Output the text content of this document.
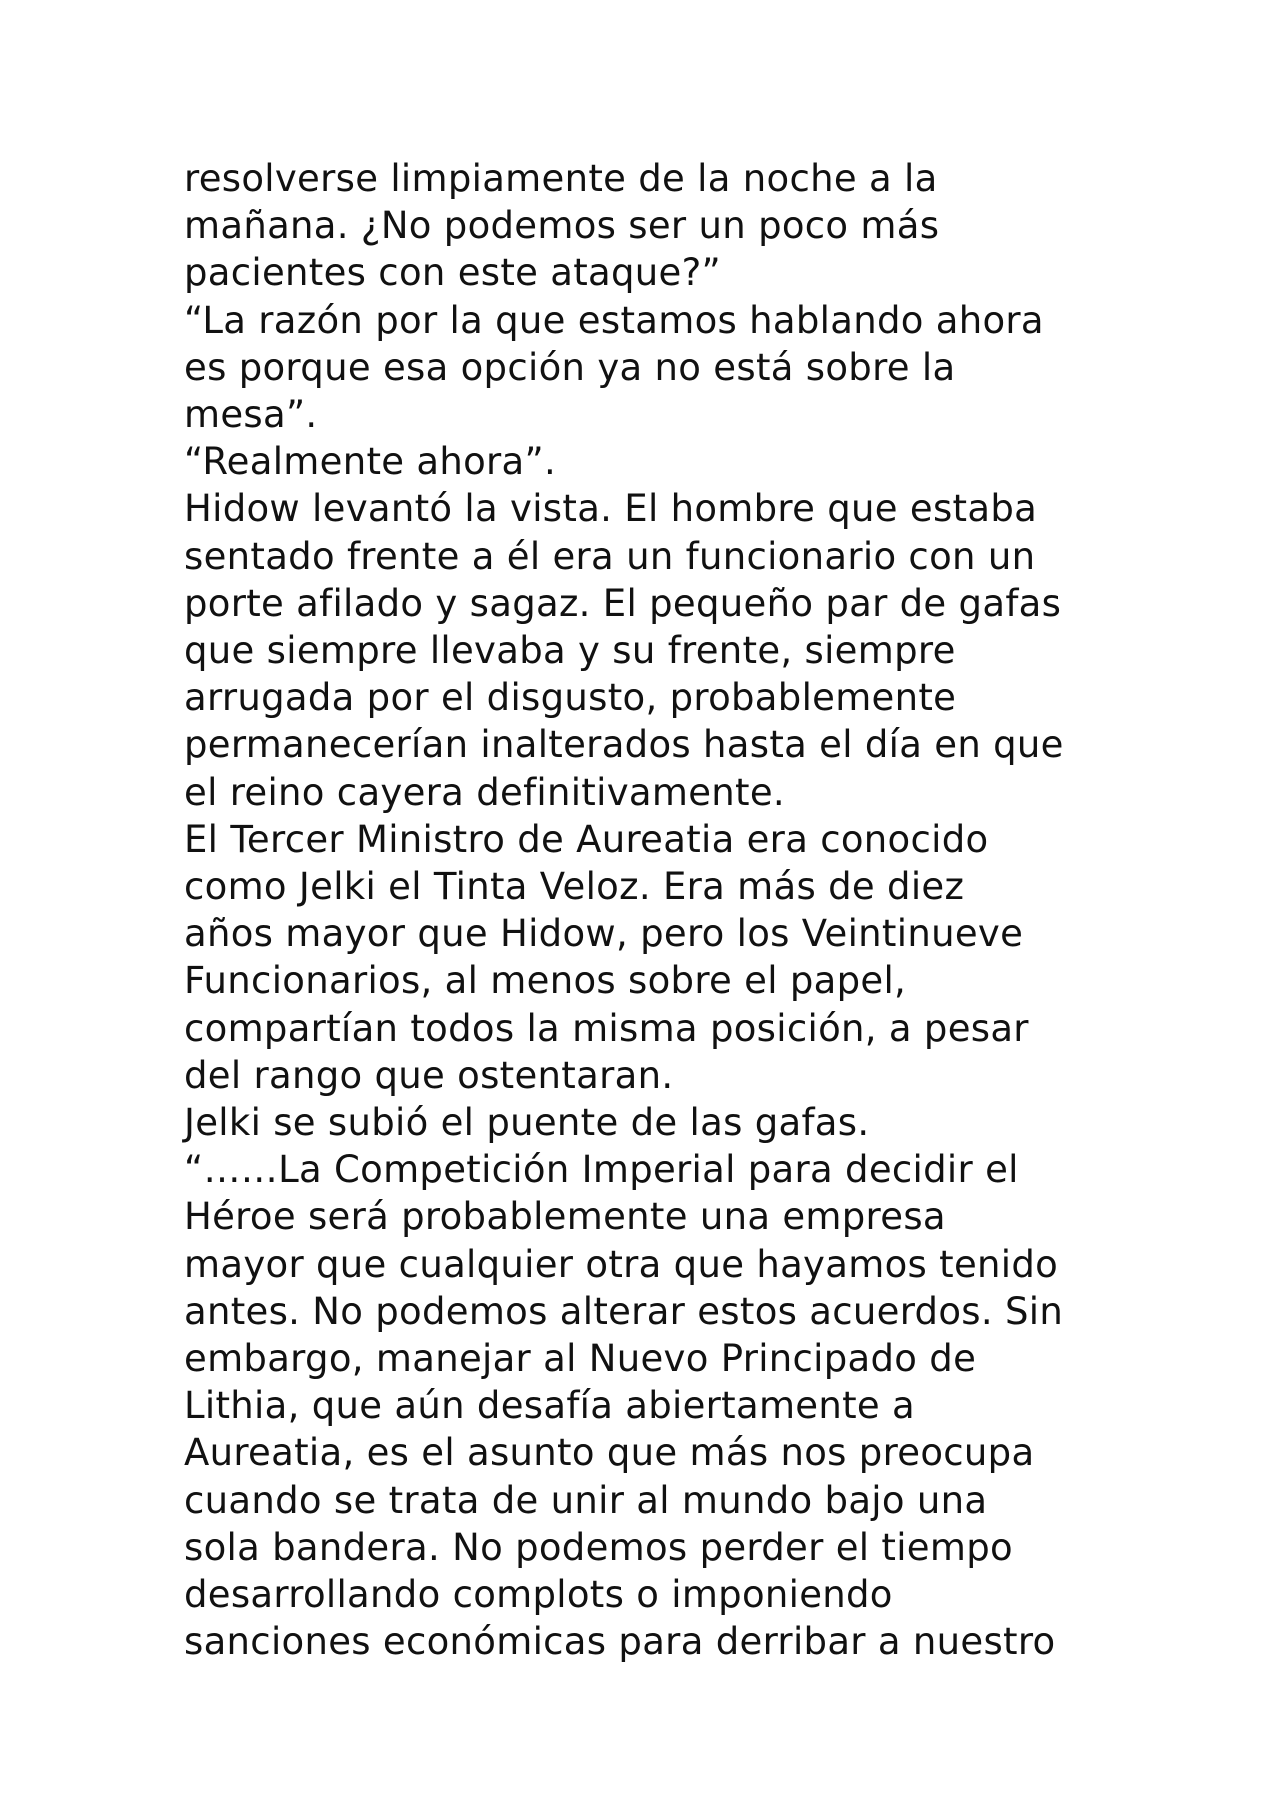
resolverse limpiamente de la noche a la
mañana. ¿No podemos ser un poco más
pacientes con este ataque?”
“La razón por la que estamos hablando ahora
es porque esa opción ya no está sobre la
mesa”.
“Realmente ahora”.
Hidow levantó la vista. El hombre que estaba
sentado frente a él era un funcionario con un
porte afilado y sagaz. El pequeño par de gafas
que siempre llevaba y su frente, siempre
arrugada por el disgusto, probablemente
permanecerían inalterados hasta el día en que
el reino cayera definitivamente.
El Tercer Ministro de Aureatia era conocido
como Jelki el Tinta Veloz. Era más de diez
años mayor que Hidow, pero los Veintinueve
Funcionarios, al menos sobre el papel,
compartían todos la misma posición, a pesar
del rango que ostentaran.
Jelki se subió el puente de las gafas.
“……La Competición Imperial para decidir el
Héroe será probablemente una empresa
mayor que cualquier otra que hayamos tenido
antes. No podemos alterar estos acuerdos. Sin
embargo, manejar al Nuevo Principado de
Lithia, que aún desafía abiertamente a
Aureatia, es el asunto que más nos preocupa
cuando se trata de unir al mundo bajo una
sola bandera. No podemos perder el tiempo
desarrollando complots o imponiendo
sanciones económicas para derribar a nuestro
